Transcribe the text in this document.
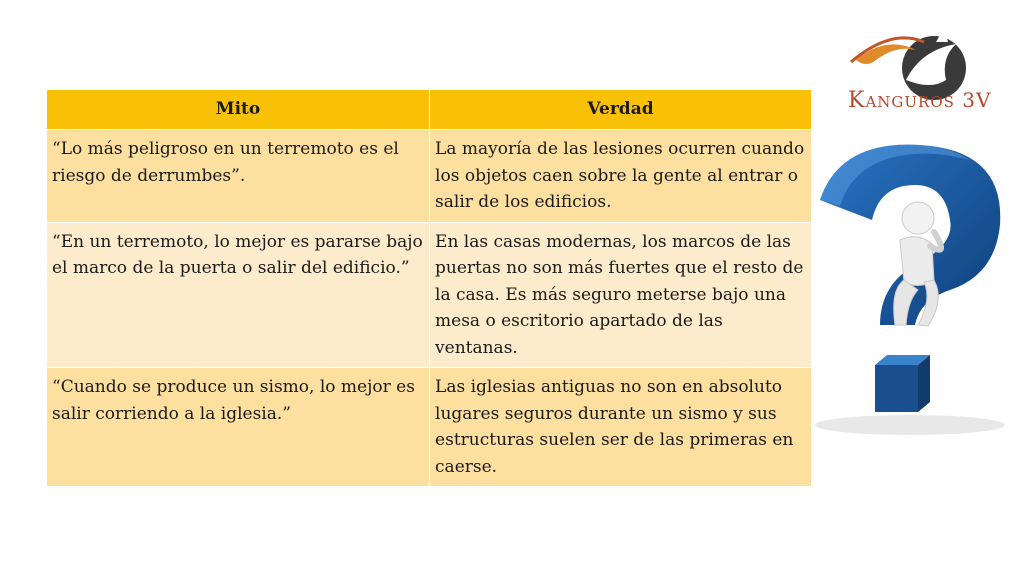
Mito	Verdad
“Lo más peligroso en un terremoto es el riesgo de derrumbes”.	La mayoría de las lesiones ocurren cuando los objetos caen sobre la gente al entrar o salir de los edificios.
“En un terremoto, lo mejor es pararse bajo el marco de la puerta o salir del edificio.”	En las casas modernas, los marcos de las puertas no son más fuertes que el resto de la casa. Es más seguro meterse bajo una mesa o escritorio apartado de las ventanas.
“Cuando se produce un sismo, lo mejor es salir corriendo a la iglesia.”	Las iglesias antiguas no son en absoluto lugares seguros durante un sismo y sus estructuras suelen ser de las primeras en caerse.
KANGUROS 3V
